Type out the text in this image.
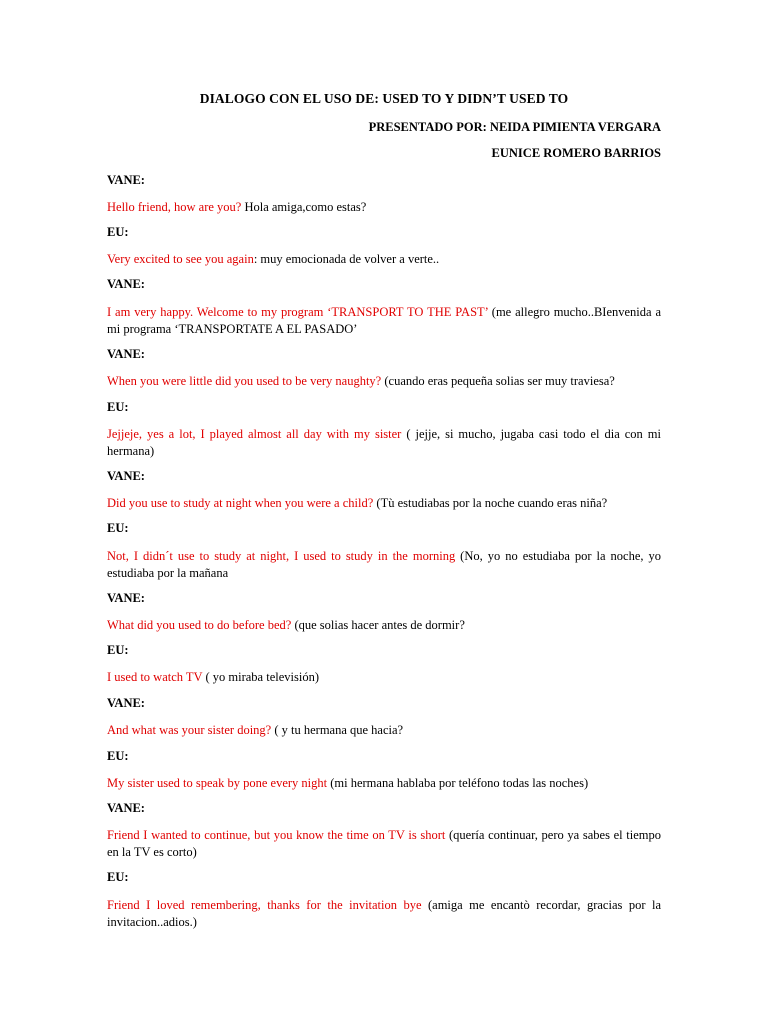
DIALOGO CON EL USO DE: USED TO Y DIDN’T USED TO
PRESENTADO POR: NEIDA PIMIENTA VERGARA
EUNICE ROMERO BARRIOS
VANE:
Hello friend, how are you? Hola amiga,como estas?
EU:
Very excited to see you again: muy emocionada de volver a verte..
VANE:
I am very happy. Welcome to my program ‘TRANSPORT TO THE PAST’ (me allegro mucho..BIenvenida a mi programa ‘TRANSPORTATE A EL PASADO’
VANE:
When you were little did you used to be very naughty? (cuando eras pequeña solias ser muy traviesa?
EU:
Jejjeje, yes a lot, I played almost all day with my sister ( jejje, si mucho, jugaba casi todo el dia con mi hermana)
VANE:
Did you use to study at night when you were a child? (Tù estudiabas por la noche cuando eras niña?
EU:
Not, I didn´t use to study at night, I used to study in the morning (No, yo no estudiaba por la noche, yo estudiaba por la mañana
VANE:
What did you used to do before bed? (que solias hacer antes de dormir?
EU:
I used to watch TV ( yo miraba televisión)
VANE:
And what was your sister doing? ( y tu hermana que hacia?
EU:
My sister used to speak by pone every night (mi hermana hablaba por teléfono todas las noches)
VANE:
Friend I wanted to continue, but you know the time on TV is short (quería continuar, pero ya sabes el tiempo en la TV es corto)
EU:
Friend I loved remembering, thanks for the invitation bye (amiga me encantò recordar, gracias por la invitacion..adios.)
